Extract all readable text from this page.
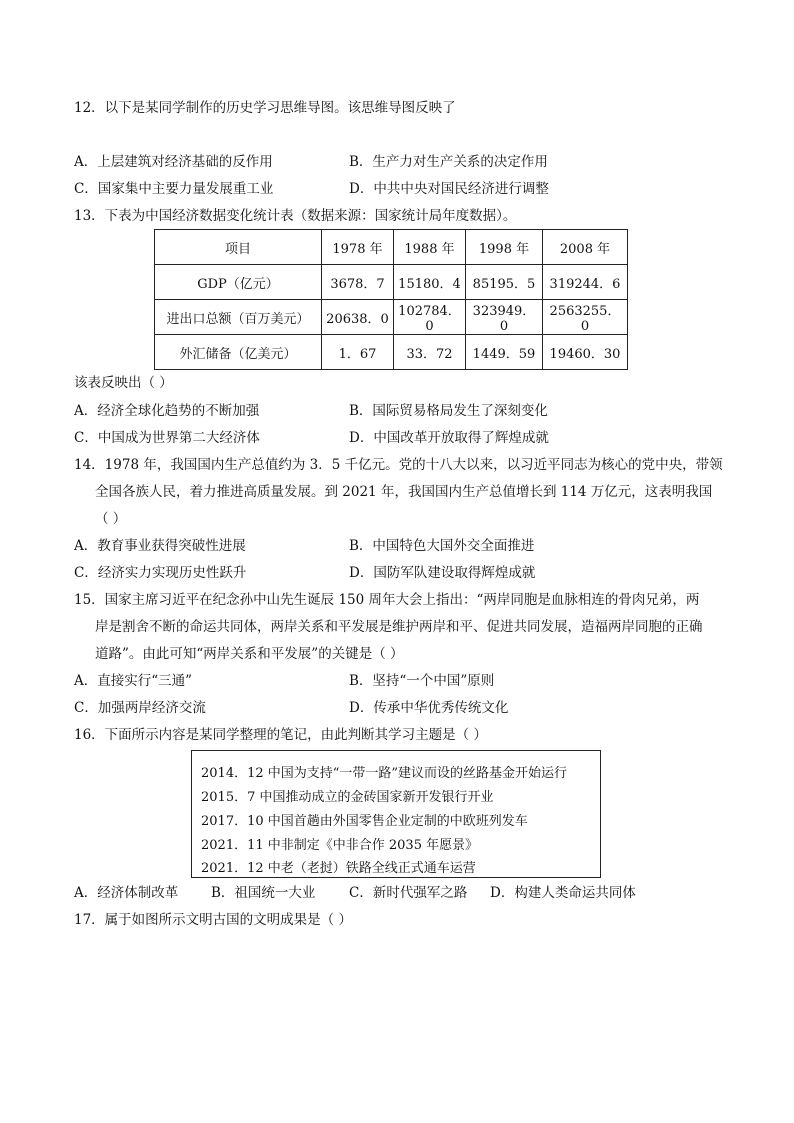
12．以下是某同学制作的历史学习思维导图。该思维导图反映了
A．上层建筑对经济基础的反作用	B．生产力对生产关系的决定作用
C．国家集中主要力量发展重工业	D．中共中央对国民经济进行调整
13．下表为中国经济数据变化统计表（数据来源：国家统计局年度数据）。
项目	1978 年	1988 年	1998 年	2008 年
GDP（亿元）	3678．7	15180．4	85195．5	319244．6
进出口总额（百万美元）	20638．0	102784．0	323949．0	2563255．0
外汇储备（亿美元）	1．67	33．72	1449．59	19460．30
该表反映出（ ）
A．经济全球化趋势的不断加强	B．国际贸易格局发生了深刻变化
C．中国成为世界第二大经济体	D．中国改革开放取得了辉煌成就
14．1978 年，我国国内生产总值约为 3．5 千亿元。党的十八大以来，以习近平同志为核心的党中央，带领
全国各族人民，着力推进高质量发展。到 2021 年，我国国内生产总值增长到 114 万亿元，这表明我国
（ ）
A．教育事业获得突破性进展	B．中国特色大国外交全面推进
C．经济实力实现历史性跃升	D．国防军队建设取得辉煌成就
15．国家主席习近平在纪念孙中山先生诞辰 150 周年大会上指出：“两岸同胞是血脉相连的骨肉兄弟，两
岸是割舍不断的命运共同体，两岸关系和平发展是维护两岸和平、促进共同发展，造福两岸同胞的正确
道路”。由此可知“两岸关系和平发展”的关键是（ ）
A．直接实行“三通”	B．坚持“一个中国”原则
C．加强两岸经济交流	D．传承中华优秀传统文化
16．下面所示内容是某同学整理的笔记，由此判断其学习主题是（ ）
2014．12 中国为支持“一带一路”建议而设的丝路基金开始运行
2015．7 中国推动成立的金砖国家新开发银行开业
2017．10 中国首趟由外国零售企业定制的中欧班列发车
2021．11 中非制定《中非合作 2035 年愿景》
2021．12 中老（老挝）铁路全线正式通车运营
A．经济体制改革 B．祖国统一大业 C．新时代强军之路 D．构建人类命运共同体
17．属于如图所示文明古国的文明成果是（ ）
